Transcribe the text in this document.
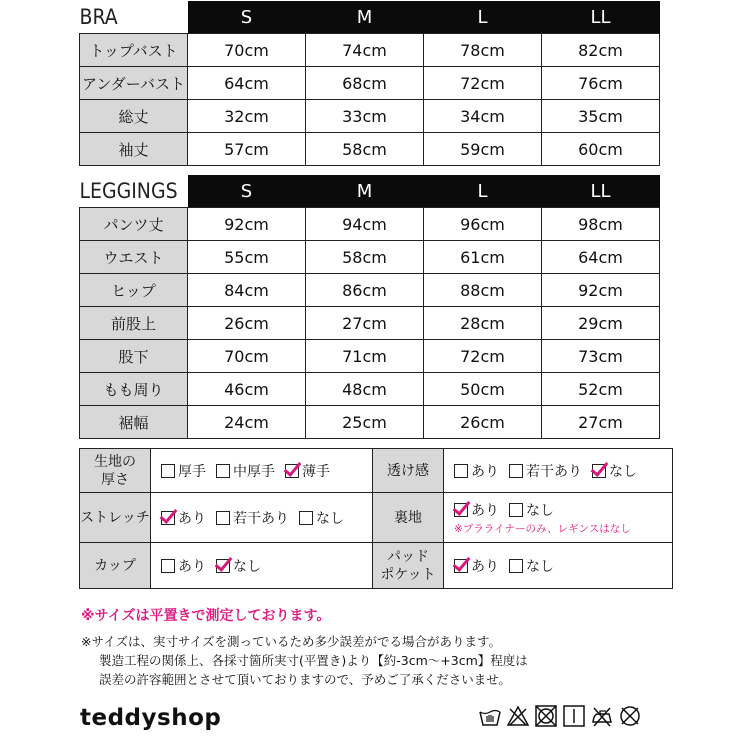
BRA	S	M	L	LL
トップバスト	70cm	74cm	78cm	82cm
アンダーバスト	64cm	68cm	72cm	76cm
総丈	32cm	33cm	34cm	35cm
袖丈	57cm	58cm	59cm	60cm
LEGGINGS	S	M	L	LL
パンツ丈	92cm	94cm	96cm	98cm
ウエスト	55cm	58cm	61cm	64cm
ヒップ	84cm	86cm	88cm	92cm
前股上	26cm	27cm	28cm	29cm
股下	70cm	71cm	72cm	73cm
もも周り	46cm	48cm	50cm	52cm
裾幅	24cm	25cm	26cm	27cm
生地の
厚さ	厚手 中厚手 薄手	透け感	あり 若干あり なし

ストレッチ	あり 若干あり なし	裏地	あり なし
※ブラライナーのみ、レギンスはなし

カップ	あり なし	パッド
ポケット	あり なし
※サイズは平置きで測定しております。
※サイズは、実寸サイズを測っているため多少誤差がでる場合があります。
製造工程の関係上、各採寸箇所実寸(平置き)より【約-3cm～+3cm】程度は
誤差の許容範囲とさせて頂いておりますので、予めご了承くださいませ。
teddyshop
